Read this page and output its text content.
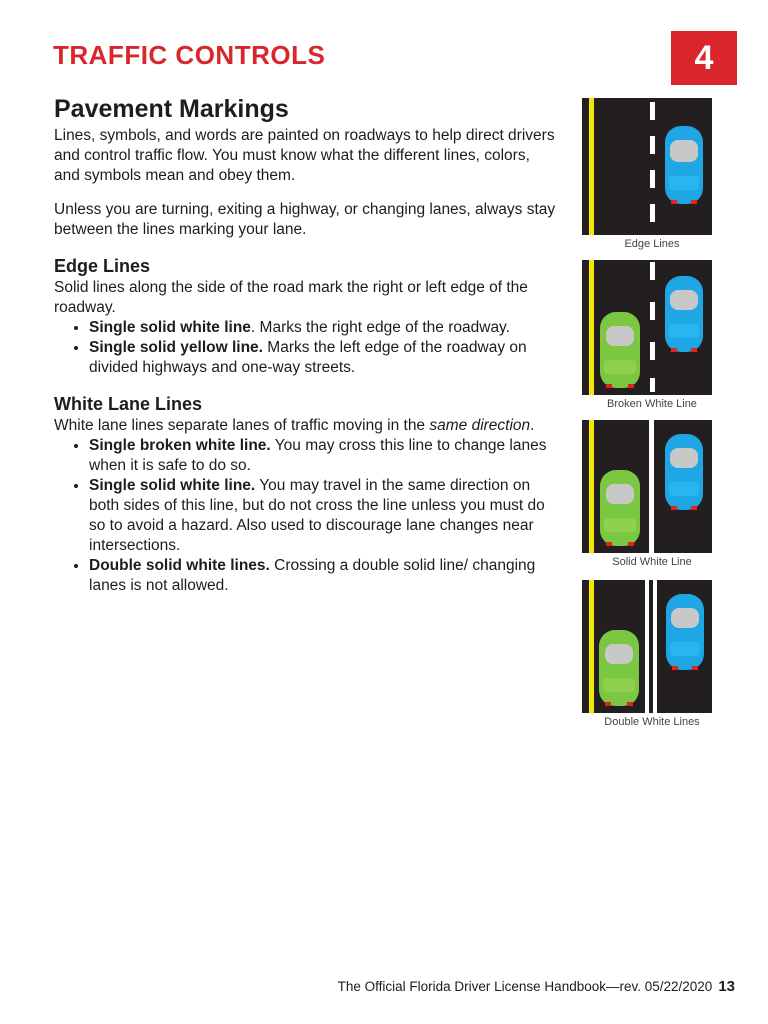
TRAFFIC CONTROLS	4
Pavement Markings

Lines, symbols, and words are painted on roadways to help direct drivers and control traffic flow. You must know what the different lines, colors, and symbols mean and obey them.

Unless you are turning, exiting a highway, or changing lanes, always stay between the lines marking your lane.

Edge Lines

Solid lines along the side of the road mark the right or left edge of the roadway.

• Single solid white line. Marks the right edge of the roadway.
• Single solid yellow line. Marks the left edge of the roadway on divided highways and one-way streets.
White Lane Lines

White lane lines separate lanes of traffic moving in the same direction.

• Single broken white line. You may cross this line to change lanes when it is safe to do so.
• Single solid white line. You may travel in the same direction on both sides of this line, but do not cross the line unless you must do so to avoid a hazard. Also used to discourage lane changes near intersections.
• Double solid white lines. Crossing a double solid line/ changing lanes is not allowed.
Edge Lines
Broken White Line
Solid White Line
Double White Lines
The Official Florida Driver License Handbook—rev. 05/22/2020 13
